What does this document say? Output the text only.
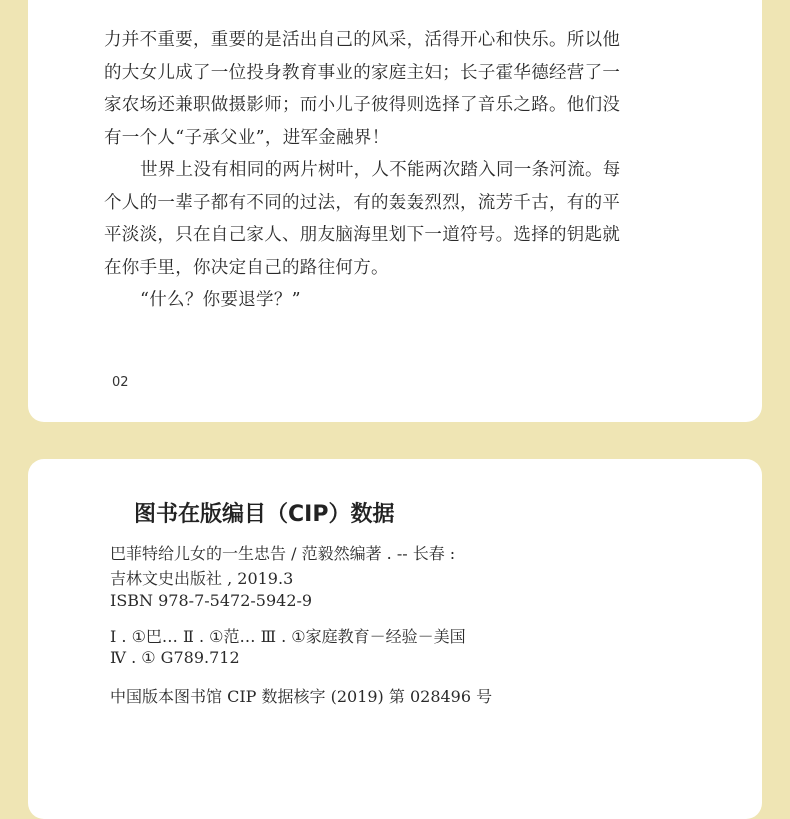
力并不重要，重要的是活出自己的风采，活得开心和快乐。所以他
的大女儿成了一位投身教育事业的家庭主妇；长子霍华德经营了一
家农场还兼职做摄影师；而小儿子彼得则选择了音乐之路。他们没
有一个人“子承父业”，进军金融界！

世界上没有相同的两片树叶，人不能两次踏入同一条河流。每
个人的一辈子都有不同的过法，有的轰轰烈烈，流芳千古，有的平
平淡淡，只在自己家人、朋友脑海里划下一道符号。选择的钥匙就
在你手里，你决定自己的路往何方。

“什么？你要退学？”

02
图书在版编目（CIP）数据
巴菲特给儿女的一生忠告 / 范毅然编著 . -- 长春 :
吉林文史出版社 , 2019.3
ISBN 978-7-5472-5942-9
Ⅰ . ①巴… Ⅱ . ①范… Ⅲ . ①家庭教育－经验－美国
Ⅳ . ① G789.712
中国版本图书馆 CIP 数据核字 (2019) 第 028496 号
